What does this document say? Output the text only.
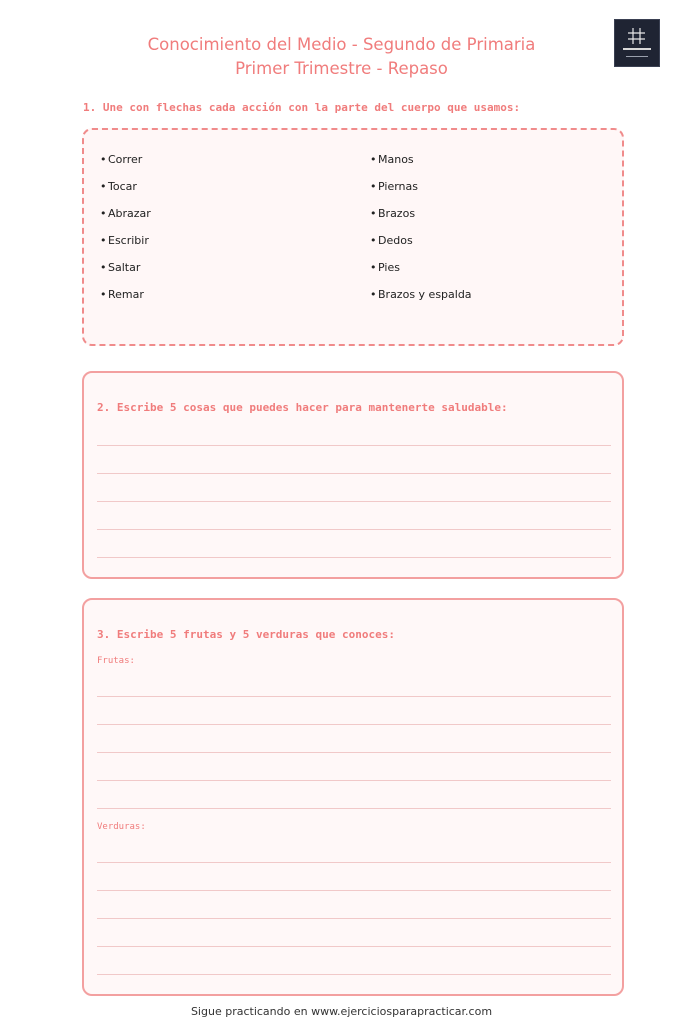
Conocimiento del Medio - Segundo de Primaria
Primer Trimestre - Repaso
1. Une con flechas cada acción con la parte del cuerpo que usamos:
• Correr
• Tocar
• Abrazar
• Escribir
• Saltar
• Remar
• Manos
• Piernas
• Brazos
• Dedos
• Pies
• Brazos y espalda
2. Escribe 5 cosas que puedes hacer para mantenerte saludable:
3. Escribe 5 frutas y 5 verduras que conoces:
Frutas:
Verduras:
Sigue practicando en www.ejerciciosparapracticar.com
